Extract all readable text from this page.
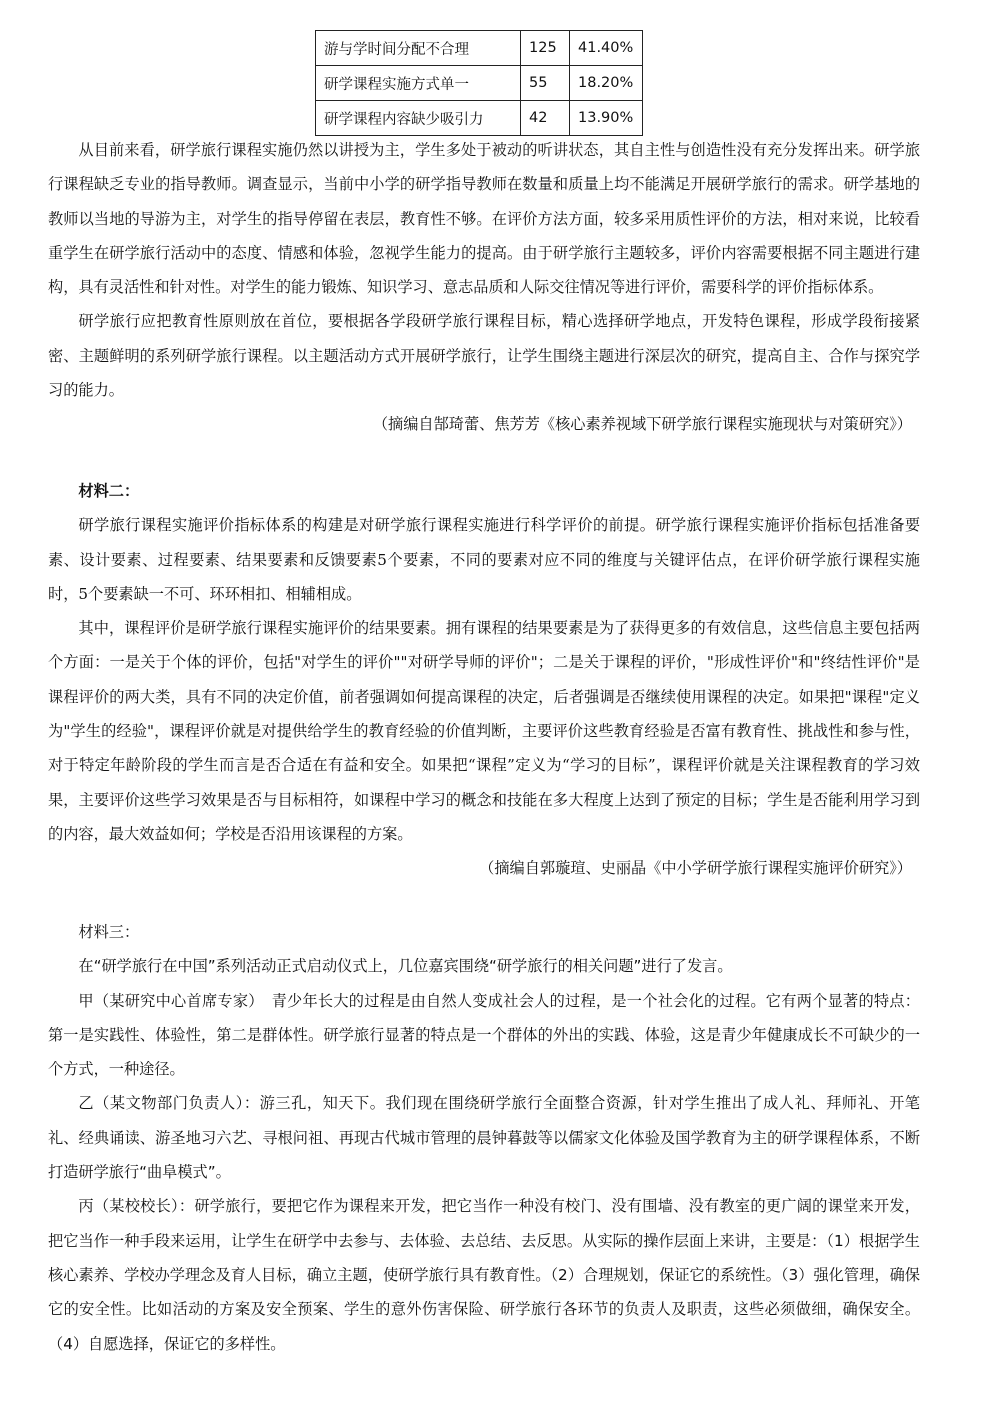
游与学时间分配不合理	125	41.40%
研学课程实施方式单一	55	18.20%
研学课程内容缺少吸引力	42	13.90%

从目前来看，研学旅行课程实施仍然以讲授为主，学生多处于被动的听讲状态，其自主性与创造性没有充分发挥出来。研学旅行课程缺乏专业的指导教师。调查显示，当前中小学的研学指导教师在数量和质量上均不能满足开展研学旅行的需求。研学基地的教师以当地的导游为主，对学生的指导停留在表层，教育性不够。在评价方法方面，较多采用质性评价的方法，相对来说，比较看重学生在研学旅行活动中的态度、情感和体验，忽视学生能力的提高。由于研学旅行主题较多，评价内容需要根据不同主题进行建构，具有灵活性和针对性。对学生的能力锻炼、知识学习、意志品质和人际交往情况等进行评价，需要科学的评价指标体系。

研学旅行应把教育性原则放在首位，要根据各学段研学旅行课程目标，精心选择研学地点，开发特色课程，形成学段衔接紧密、主题鲜明的系列研学旅行课程。以主题活动方式开展研学旅行，让学生围绕主题进行深层次的研究，提高自主、合作与探究学习的能力。

（摘编自郜琦蕾、焦芳芳《核心素养视域下研学旅行课程实施现状与对策研究》）

材料二：

研学旅行课程实施评价指标体系的构建是对研学旅行课程实施进行科学评价的前提。研学旅行课程实施评价指标包括准备要素、设计要素、过程要素、结果要素和反馈要素5个要素，不同的要素对应不同的维度与关键评估点，在评价研学旅行课程实施时，5个要素缺一不可、环环相扣、相辅相成。

其中，课程评价是研学旅行课程实施评价的结果要素。拥有课程的结果要素是为了获得更多的有效信息，这些信息主要包括两个方面：一是关于个体的评价，包括"对学生的评价""对研学导师的评价"；二是关于课程的评价，"形成性评价"和"终结性评价"是课程评价的两大类，具有不同的决定价值，前者强调如何提高课程的决定，后者强调是否继续使用课程的决定。如果把"课程"定义为"学生的经验"，课程评价就是对提供给学生的教育经验的价值判断，主要评价这些教育经验是否富有教育性、挑战性和参与性，对于特定年龄阶段的学生而言是否合适在有益和安全。如果把“课程”定义为“学习的目标”，课程评价就是关注课程教育的学习效果，主要评价这些学习效果是否与目标相符，如课程中学习的概念和技能在多大程度上达到了预定的目标；学生是否能利用学习到的内容，最大效益如何；学校是否沿用该课程的方案。

（摘编自郭璇瑄、史丽晶《中小学研学旅行课程实施评价研究》）

材料三：

在“研学旅行在中国”系列活动正式启动仪式上，几位嘉宾围绕“研学旅行的相关问题”进行了发言。

甲（某研究中心首席专家）　青少年长大的过程是由自然人变成社会人的过程，是一个社会化的过程。它有两个显著的特点：第一是实践性、体验性，第二是群体性。研学旅行显著的特点是一个群体的外出的实践、体验，这是青少年健康成长不可缺少的一个方式，一种途径。

乙（某文物部门负责人）：游三孔，知天下。我们现在围绕研学旅行全面整合资源，针对学生推出了成人礼、拜师礼、开笔礼、经典诵读、游圣地习六艺、寻根问祖、再现古代城市管理的晨钟暮鼓等以儒家文化体验及国学教育为主的研学课程体系，不断打造研学旅行“曲阜模式”。

丙（某校校长）：研学旅行，要把它作为课程来开发，把它当作一种没有校门、没有围墙、没有教室的更广阔的课堂来开发，把它当作一种手段来运用，让学生在研学中去参与、去体验、去总结、去反思。从实际的操作层面上来讲，主要是：（1）根据学生核心素养、学校办学理念及育人目标，确立主题，使研学旅行具有教育性。（2）合理规划，保证它的系统性。（3）强化管理，确保它的安全性。比如活动的方案及安全预案、学生的意外伤害保险、研学旅行各环节的负责人及职责，这些必须做细，确保安全。（4）自愿选择，保证它的多样性。
